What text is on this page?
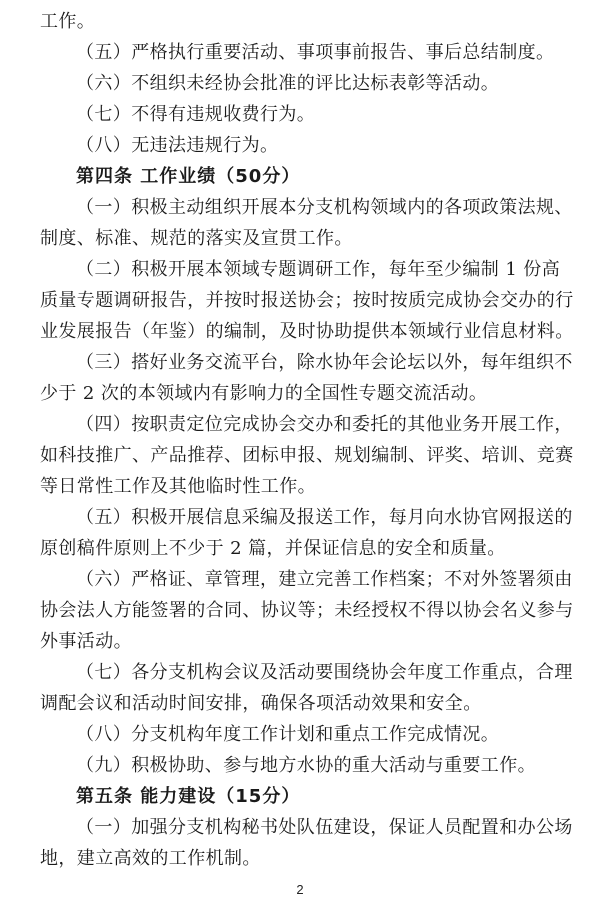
工作。
（五）严格执行重要活动、事项事前报告、事后总结制度。
（六）不组织未经协会批准的评比达标表彰等活动。
（七）不得有违规收费行为。
（八）无违法违规行为。
第四条 工作业绩（50分）
（一）积极主动组织开展本分支机构领域内的各项政策法规、
制度、标准、规范的落实及宣贯工作。
（二）积极开展本领域专题调研工作，每年至少编制 1 份高
质量专题调研报告，并按时报送协会；按时按质完成协会交办的行
业发展报告（年鉴）的编制，及时协助提供本领域行业信息材料。
（三）搭好业务交流平台，除水协年会论坛以外，每年组织不
少于 2 次的本领域内有影响力的全国性专题交流活动。
（四）按职责定位完成协会交办和委托的其他业务开展工作，
如科技推广、产品推荐、团标申报、规划编制、评奖、培训、竞赛
等日常性工作及其他临时性工作。
（五）积极开展信息采编及报送工作，每月向水协官网报送的
原创稿件原则上不少于 2 篇，并保证信息的安全和质量。
（六）严格证、章管理，建立完善工作档案；不对外签署须由
协会法人方能签署的合同、协议等；未经授权不得以协会名义参与
外事活动。
（七）各分支机构会议及活动要围绕协会年度工作重点，合理
调配会议和活动时间安排，确保各项活动效果和安全。
（八）分支机构年度工作计划和重点工作完成情况。
（九）积极协助、参与地方水协的重大活动与重要工作。
第五条 能力建设（15分）
（一）加强分支机构秘书处队伍建设，保证人员配置和办公场
地，建立高效的工作机制。
2
